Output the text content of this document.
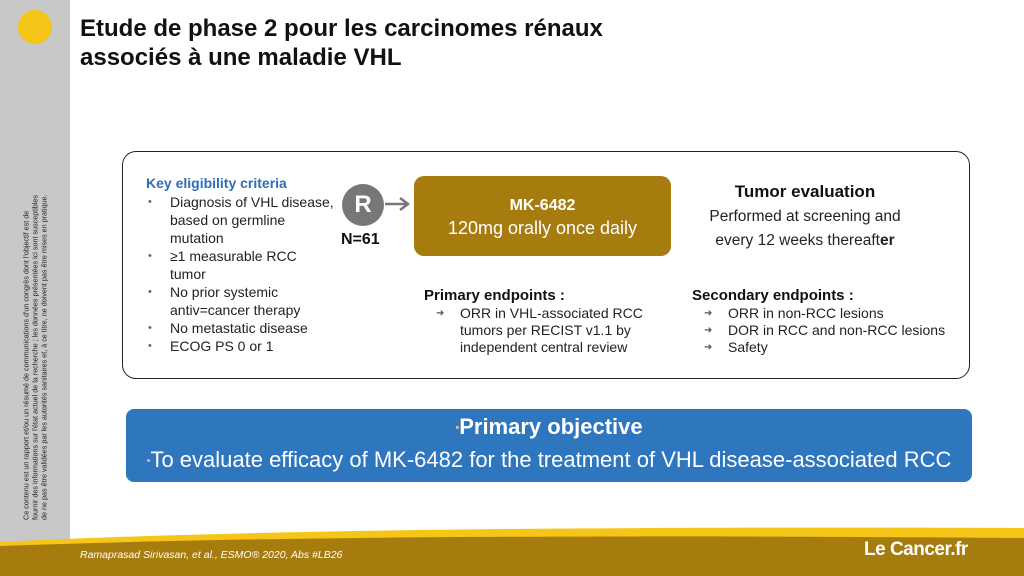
Ce contenu est un rapport et/ou un résumé de communications d'un congrès dont l'objectif est de fournir des informations sur l'état actuel de la recherche ; les données présentées ici sont susceptibles de ne pas être validées par les autorités sanitaires et, à ce titre, ne doivent pas être mises en pratique.
Etude de phase 2 pour les carcinomes rénaux
associés à une maladie VHL
Key eligibility criteria
• Diagnosis of VHL disease, based on germline mutation
• ≥1 measurable RCC tumor
• No prior systemic antiv=cancer therapy
• No metastatic disease
• ECOG PS 0 or 1
R
N=61
MK-6482
120mg orally once daily
Tumor evaluation
Performed at screening and
every 12 weeks thereafter
Primary endpoints :
➜ ORR in VHL-associated RCC tumors per RECIST v1.1 by independent central review
Secondary endpoints :
➜ ORR in non-RCC lesions
➜ DOR in RCC and non-RCC lesions
➜ Safety
•Primary objective
•To evaluate efficacy of MK-6482 for the treatment of VHL disease-associated RCC
Ramaprasad Sirivasan, et al., ESMO® 2020, Abs #LB26	Le Cancer.fr
